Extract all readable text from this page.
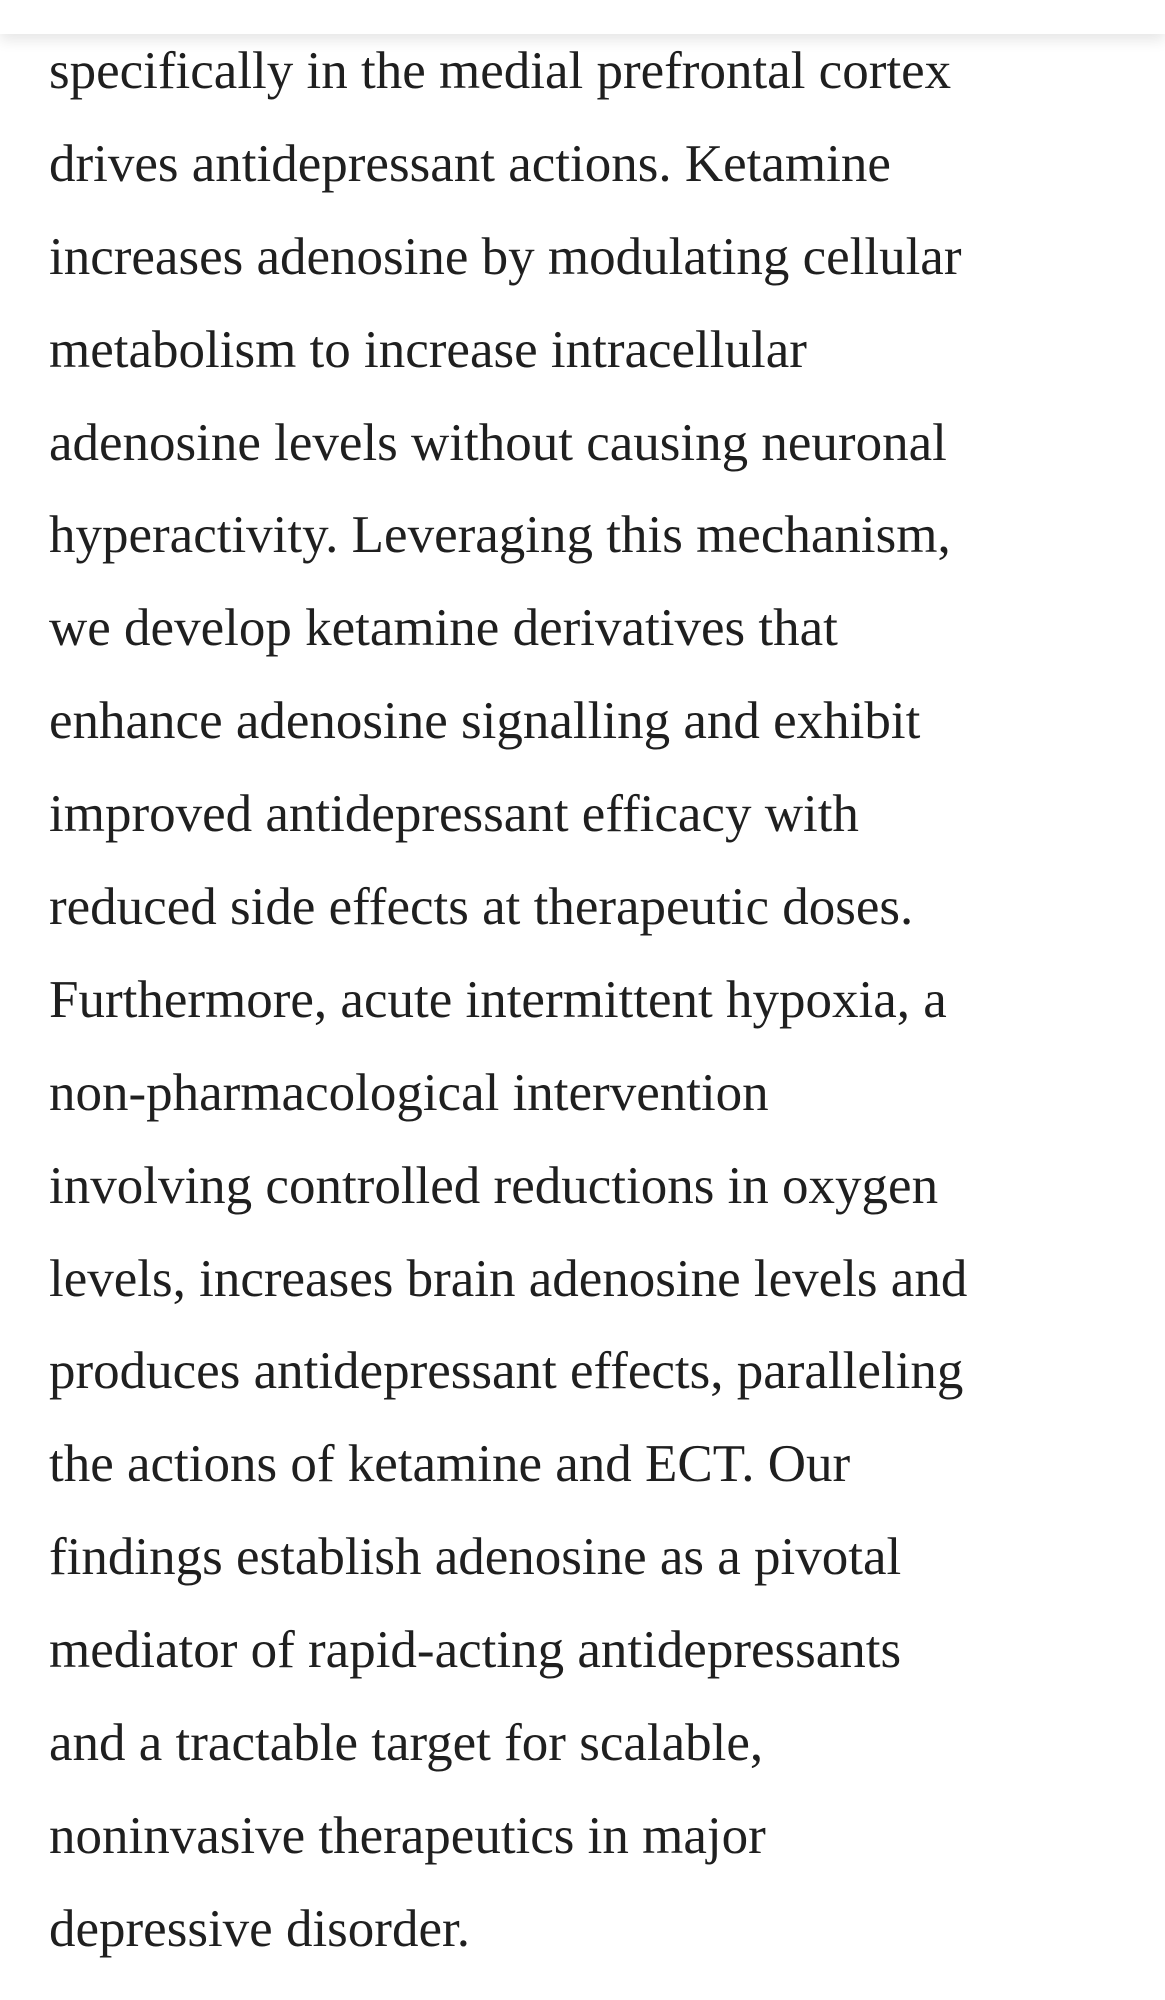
specifically in the medial prefrontal cortex
drives antidepressant actions. Ketamine
increases adenosine by modulating cellular
metabolism to increase intracellular
adenosine levels without causing neuronal
hyperactivity. Leveraging this mechanism,
we develop ketamine derivatives that
enhance adenosine signalling and exhibit
improved antidepressant efficacy with
reduced side effects at therapeutic doses.
Furthermore, acute intermittent hypoxia, a
non-pharmacological intervention
involving controlled reductions in oxygen
levels, increases brain adenosine levels and
produces antidepressant effects, paralleling
the actions of ketamine and ECT. Our
findings establish adenosine as a pivotal
mediator of rapid-acting antidepressants
and a tractable target for scalable,
noninvasive therapeutics in major
depressive disorder.
